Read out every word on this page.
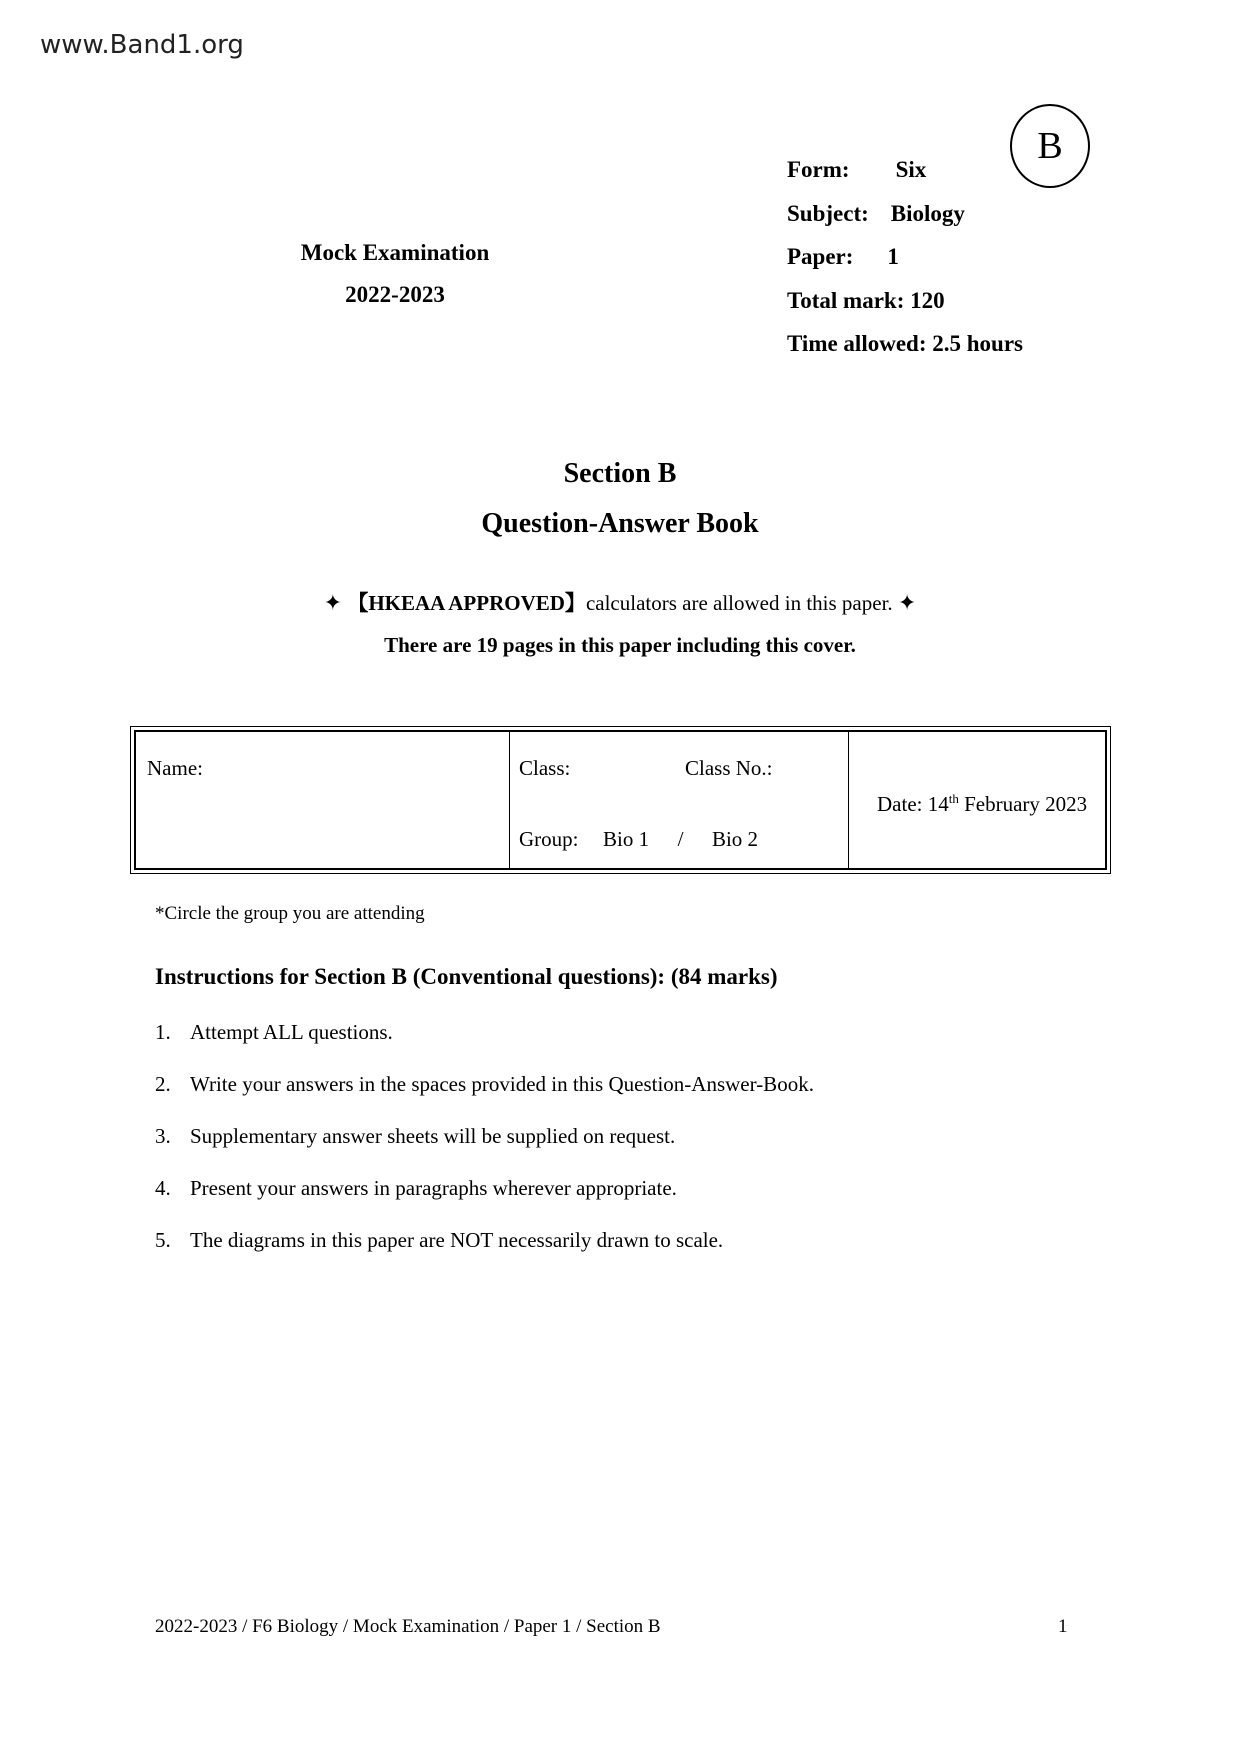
www.Band1.org
Mock Examination
2022-2023
Form: Six
Subject: Biology
Paper: 1
Total mark: 120
Time allowed: 2.5 hours
B
Section B
Question-Answer Book
✦ 【HKEAA APPROVED】calculators are allowed in this paper. ✦
There are 19 pages in this paper including this cover.
Name:	Class:	Class No.:
Group: Bio 1 / Bio 2
Date: 14th February 2023
*Circle the group you are attending
Instructions for Section B (Conventional questions): (84 marks)
1. Attempt ALL questions.
2. Write your answers in the spaces provided in this Question-Answer-Book.
3. Supplementary answer sheets will be supplied on request.
4. Present your answers in paragraphs wherever appropriate.
5. The diagrams in this paper are NOT necessarily drawn to scale.
2022-2023 / F6 Biology / Mock Examination / Paper 1 / Section B	1
